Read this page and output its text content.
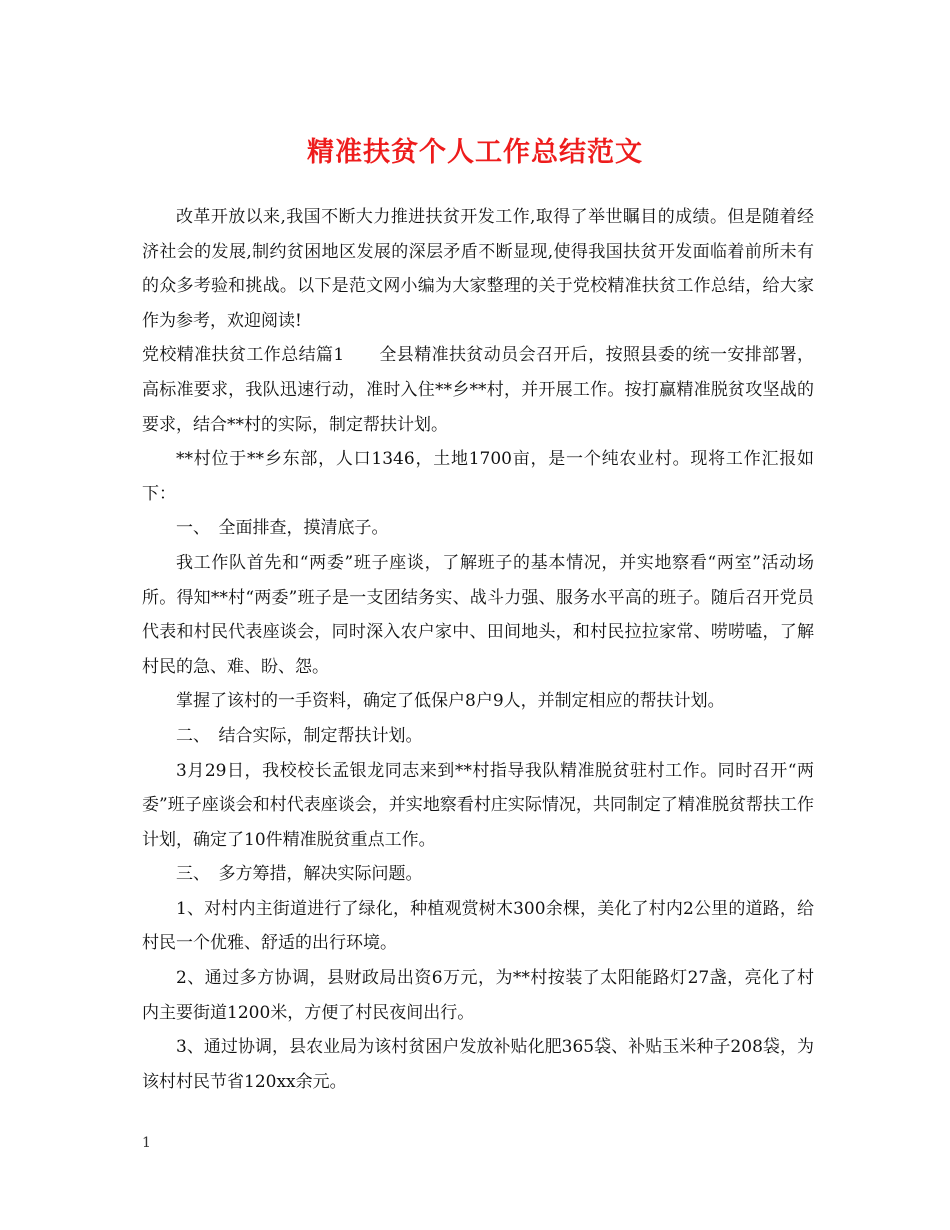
精准扶贫个人工作总结范文

改革开放以来,我国不断大力推进扶贫开发工作,取得了举世瞩目的成绩。但是随着经济社会的发展,制约贫困地区发展的深层矛盾不断显现,使得我国扶贫开发面临着前所未有的众多考验和挑战。以下是范文网小编为大家整理的关于党校精准扶贫工作总结，给大家作为参考，欢迎阅读!

党校精准扶贫工作总结篇1　　全县精准扶贫动员会召开后，按照县委的统一安排部署，高标准要求，我队迅速行动，准时入住**乡**村，并开展工作。按打赢精准脱贫攻坚战的要求，结合**村的实际，制定帮扶计划。

**村位于**乡东部，人口1346，土地1700亩，是一个纯农业村。现将工作汇报如下：

一、　全面排查，摸清底子。

我工作队首先和“两委”班子座谈，了解班子的基本情况，并实地察看“两室”活动场所。得知**村“两委”班子是一支团结务实、战斗力强、服务水平高的班子。随后召开党员代表和村民代表座谈会，同时深入农户家中、田间地头，和村民拉拉家常、唠唠嗑，了解村民的急、难、盼、怨。

掌握了该村的一手资料，确定了低保户8户9人，并制定相应的帮扶计划。

二、　结合实际，制定帮扶计划。

3月29日，我校校长孟银龙同志来到**村指导我队精准脱贫驻村工作。同时召开“两委”班子座谈会和村代表座谈会，并实地察看村庄实际情况，共同制定了精准脱贫帮扶工作计划，确定了10件精准脱贫重点工作。

三、　多方筹措，解决实际问题。

1、对村内主街道进行了绿化，种植观赏树木300余棵，美化了村内2公里的道路，给村民一个优雅、舒适的出行环境。

2、通过多方协调，县财政局出资6万元，为**村按装了太阳能路灯27盏，亮化了村内主要街道1200米，方便了村民夜间出行。

3、通过协调，县农业局为该村贫困户发放补贴化肥365袋、补贴玉米种子208袋，为该村村民节省120xx余元。

1
